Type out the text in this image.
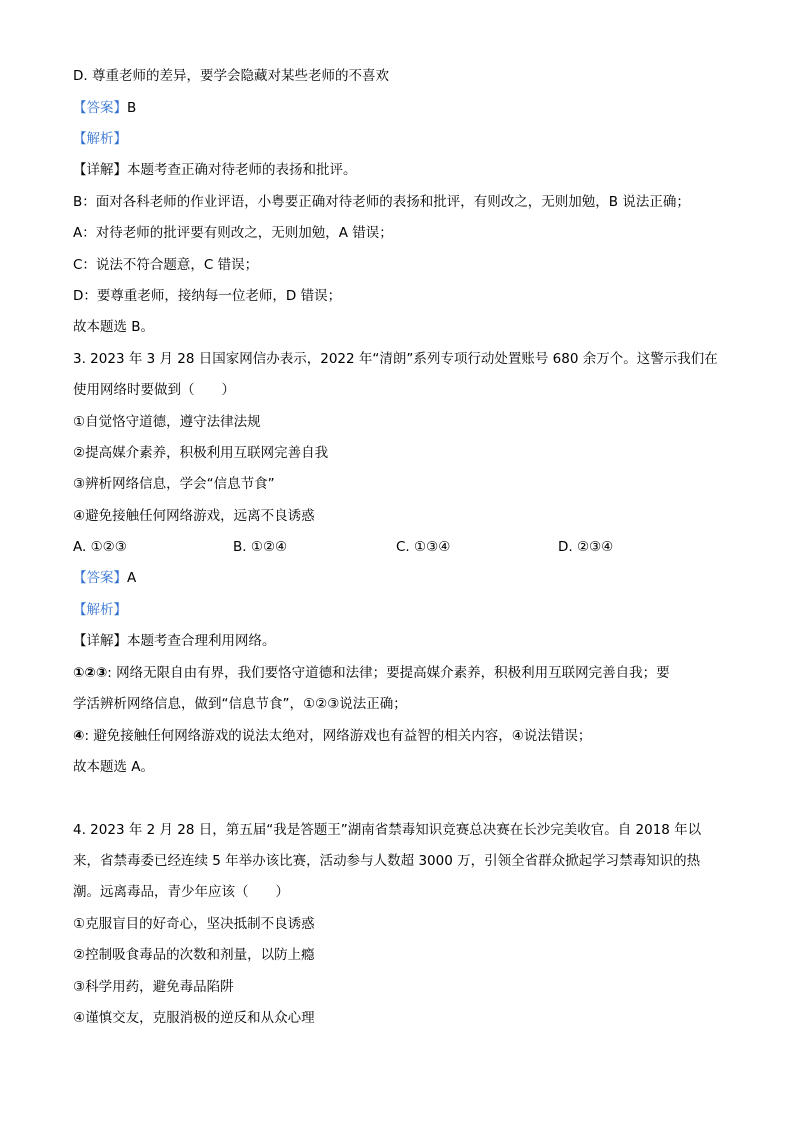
D. 尊重老师的差异，要学会隐藏对某些老师的不喜欢
【答案】B
【解析】
【详解】本题考查正确对待老师的表扬和批评。
B：面对各科老师的作业评语，小粤要正确对待老师的表扬和批评，有则改之，无则加勉，B 说法正确；
A：对待老师的批评要有则改之，无则加勉，A 错误；
C：说法不符合题意，C 错误；
D：要尊重老师，接纳每一位老师，D 错误；
故本题选 B。
3. 2023 年 3 月 28 日国家网信办表示，2022 年“清朗”系列专项行动处置账号 680 余万个。这警示我们在
使用网络时要做到（　　）
①自觉恪守道德，遵守法律法规
②提高媒介素养，积极利用互联网完善自我
③辨析网络信息，学会“信息节食”
④避免接触任何网络游戏，远离不良诱惑
A. ①②③	B. ①②④	C. ①③④	D. ②③④
【答案】A
【解析】
【详解】本题考查合理利用网络。
①②③: 网络无限自由有界，我们要恪守道德和法律；要提高媒介素养，积极利用互联网完善自我；要
学活辨析网络信息，做到“信息节食”，①②③说法正确；
④: 避免接触任何网络游戏的说法太绝对，网络游戏也有益智的相关内容，④说法错误；
故本题选 A。
4. 2023 年 2 月 28 日，第五届“我是答题王”湖南省禁毒知识竞赛总决赛在长沙完美收官。自 2018 年以
来，省禁毒委已经连续 5 年举办该比赛，活动参与人数超 3000 万，引领全省群众掀起学习禁毒知识的热
潮。远离毒品，青少年应该（　　）
①克服盲目的好奇心，坚决抵制不良诱惑
②控制吸食毒品的次数和剂量，以防上瘾
③科学用药，避免毒品陷阱
④谨慎交友，克服消极的逆反和从众心理
